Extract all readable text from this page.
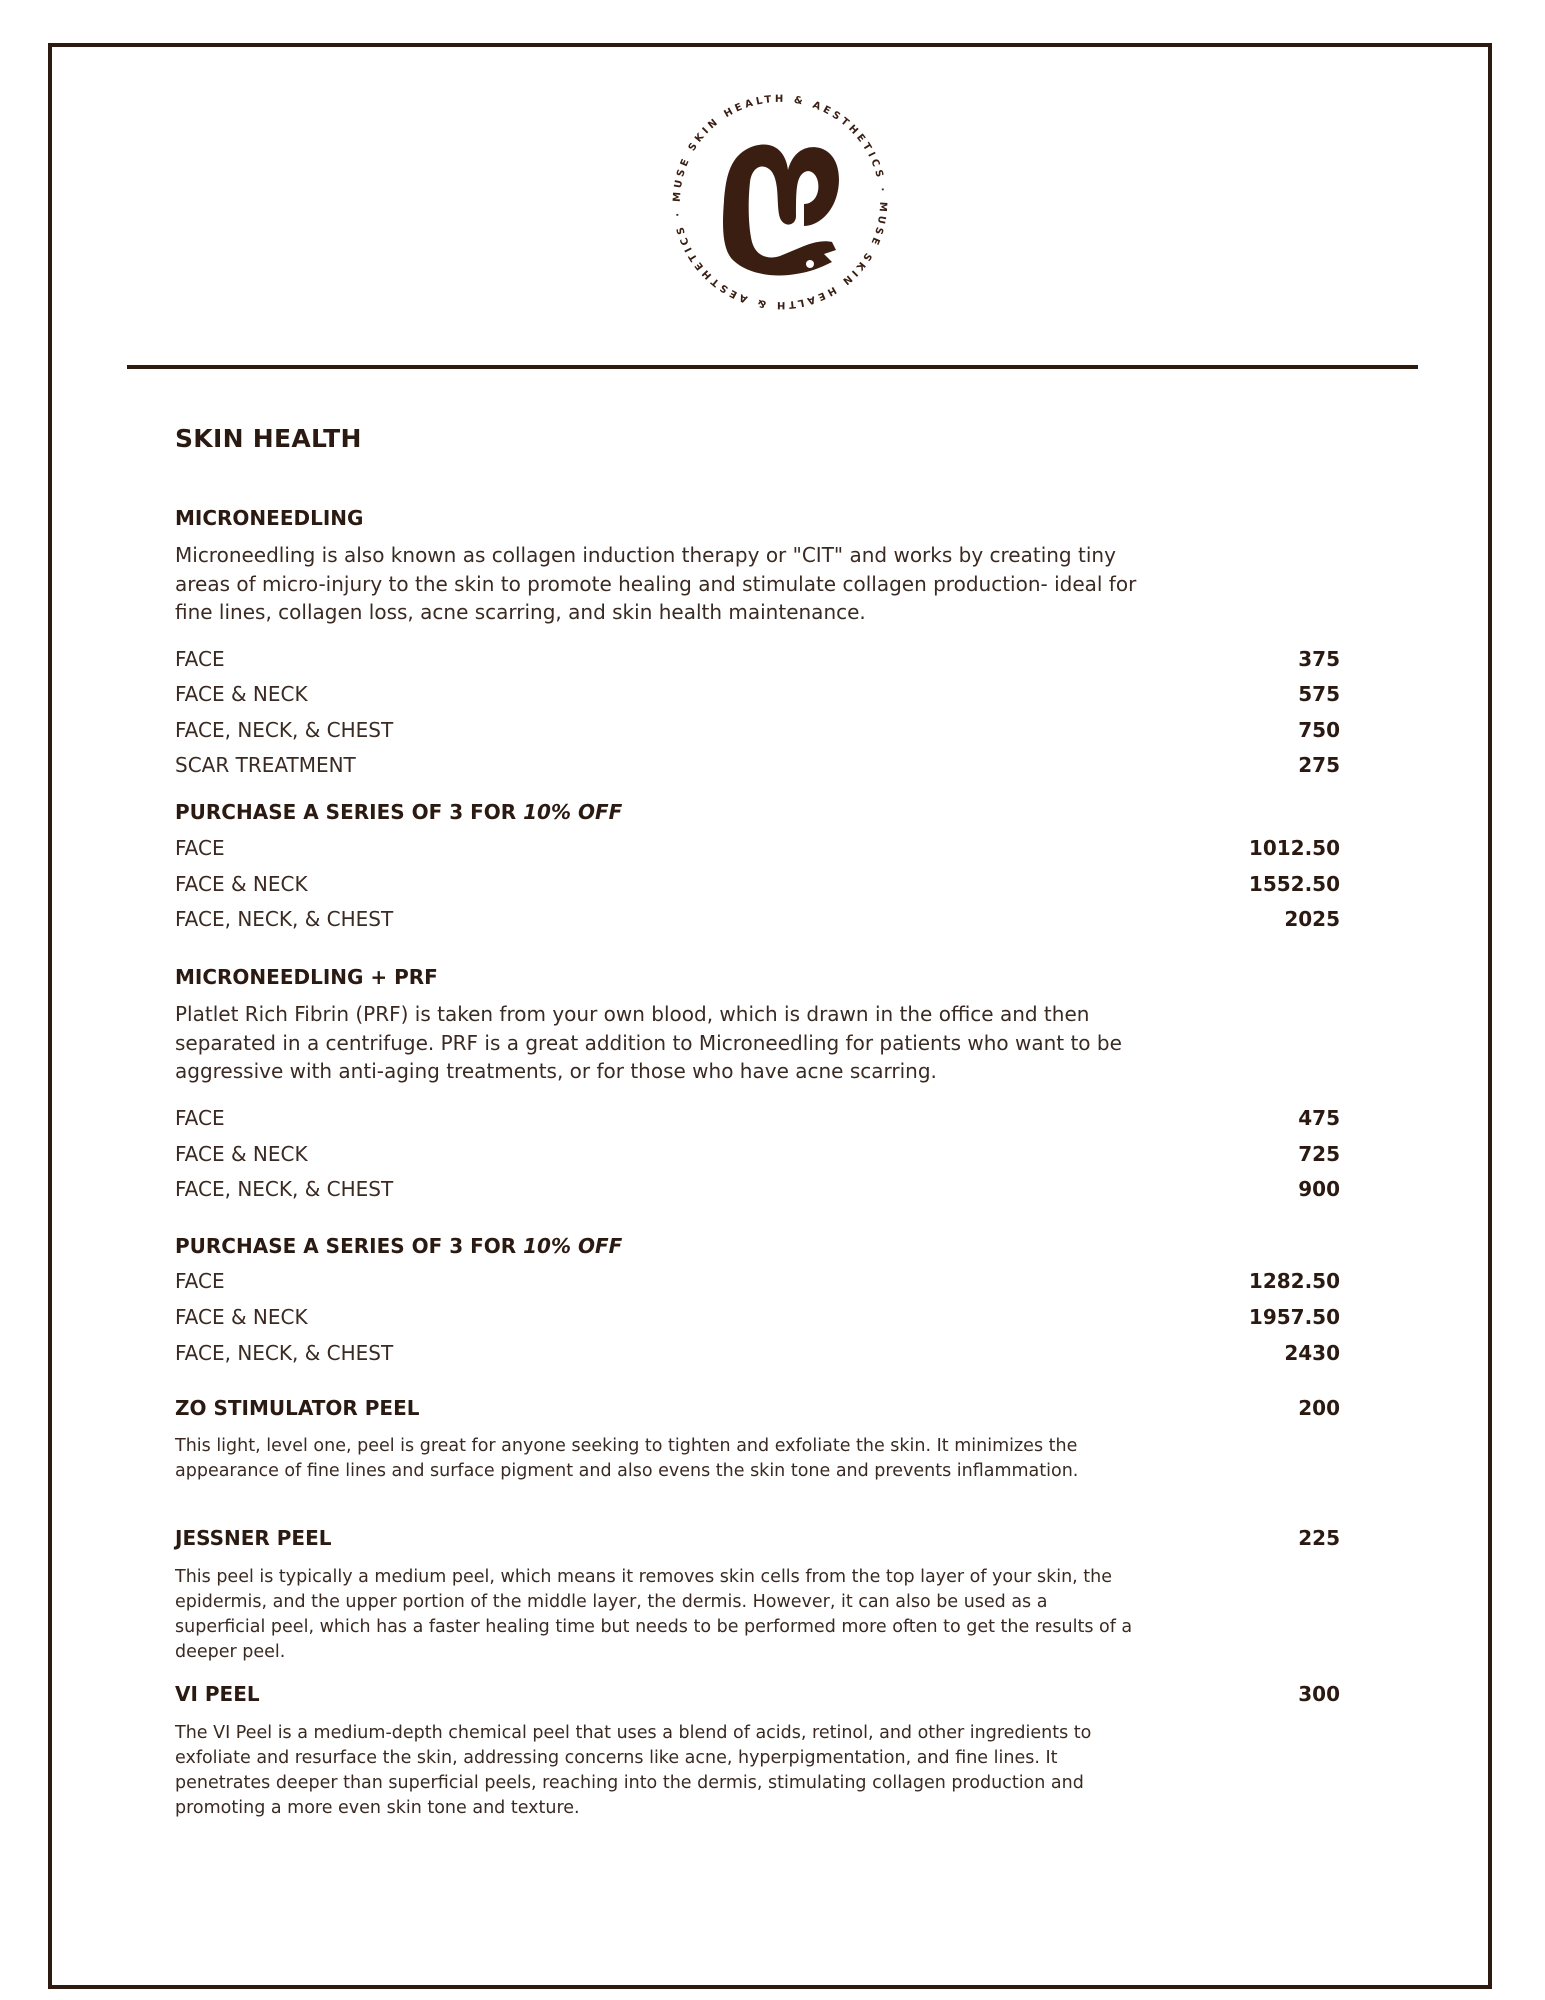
MUSE SKIN HEALTH & AESTHETICS · MUSE SKIN HEALTH & AESTHETICS ·
SKIN HEALTH
MICRONEEDLING
Microneedling is also known as collagen induction therapy or "CIT" and works by creating tiny areas of micro-injury to the skin to promote healing and stimulate collagen production- ideal for fine lines, collagen loss, acne scarring, and skin health maintenance.
FACE	375
FACE & NECK	575
FACE, NECK, & CHEST	750
SCAR TREATMENT	275
PURCHASE A SERIES OF 3 FOR 10% OFF
FACE	1012.50
FACE & NECK	1552.50
FACE, NECK, & CHEST	2025
MICRONEEDLING + PRF
Platlet Rich Fibrin (PRF) is taken from your own blood, which is drawn in the office and then separated in a centrifuge. PRF is a great addition to Microneedling for patients who want to be aggressive with anti-aging treatments, or for those who have acne scarring.
FACE	475
FACE & NECK	725
FACE, NECK, & CHEST	900
PURCHASE A SERIES OF 3 FOR 10% OFF
FACE	1282.50
FACE & NECK	1957.50
FACE, NECK, & CHEST	2430
ZO STIMULATOR PEEL	200
This light, level one, peel is great for anyone seeking to tighten and exfoliate the skin. It minimizes the appearance of fine lines and surface pigment and also evens the skin tone and prevents inflammation.
JESSNER PEEL	225
This peel is typically a medium peel, which means it removes skin cells from the top layer of your skin, the epidermis, and the upper portion of the middle layer, the dermis. However, it can also be used as a superficial peel, which has a faster healing time but needs to be performed more often to get the results of a deeper peel.
VI PEEL	300
The VI Peel is a medium-depth chemical peel that uses a blend of acids, retinol, and other ingredients to exfoliate and resurface the skin, addressing concerns like acne, hyperpigmentation, and fine lines. It penetrates deeper than superficial peels, reaching into the dermis, stimulating collagen production and promoting a more even skin tone and texture.
